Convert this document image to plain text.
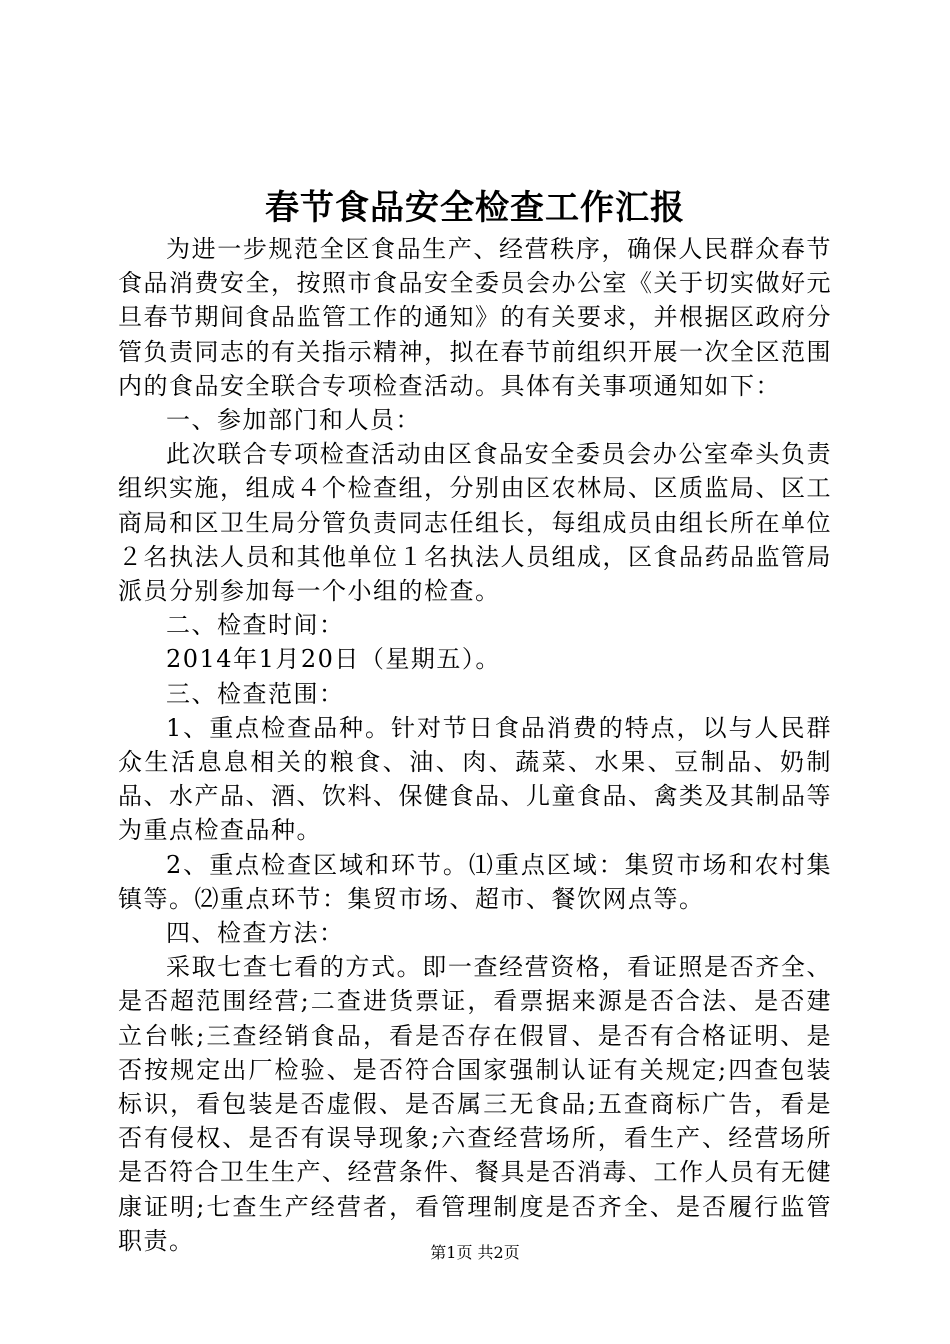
春节食品安全检查工作汇报

为进一步规范全区食品生产、经营秩序，确保人民群众春节食品消费安全，按照市食品安全委员会办公室《关于切实做好元旦春节期间食品监管工作的通知》的有关要求，并根据区政府分管负责同志的有关指示精神，拟在春节前组织开展一次全区范围内的食品安全联合专项检查活动。具体有关事项通知如下：

一、参加部门和人员：

此次联合专项检查活动由区食品安全委员会办公室牵头负责组织实施，组成４个检查组，分别由区农林局、区质监局、区工商局和区卫生局分管负责同志任组长，每组成员由组长所在单位２名执法人员和其他单位１名执法人员组成，区食品药品监管局派员分别参加每一个小组的检查。

二、检查时间：

2014年1月20日（星期五）。

三、检查范围：

1、重点检查品种。针对节日食品消费的特点，以与人民群众生活息息相关的粮食、油、肉、蔬菜、水果、豆制品、奶制品、水产品、酒、饮料、保健食品、儿童食品、禽类及其制品等为重点检查品种。

2、重点检查区域和环节。⑴重点区域：集贸市场和农村集镇等。⑵重点环节：集贸市场、超市、餐饮网点等。

四、检查方法：

采取七查七看的方式。即一查经营资格，看证照是否齐全、是否超范围经营;二查进货票证，看票据来源是否合法、是否建立台帐;三查经销食品，看是否存在假冒、是否有合格证明、是否按规定出厂检验、是否符合国家强制认证有关规定;四查包装标识，看包装是否虚假、是否属三无食品;五查商标广告，看是否有侵权、是否有误导现象;六查经营场所，看生产、经营场所是否符合卫生生产、经营条件、餐具是否消毒、工作人员有无健康证明;七查生产经营者，看管理制度是否齐全、是否履行监管职责。	第1页 共2页
